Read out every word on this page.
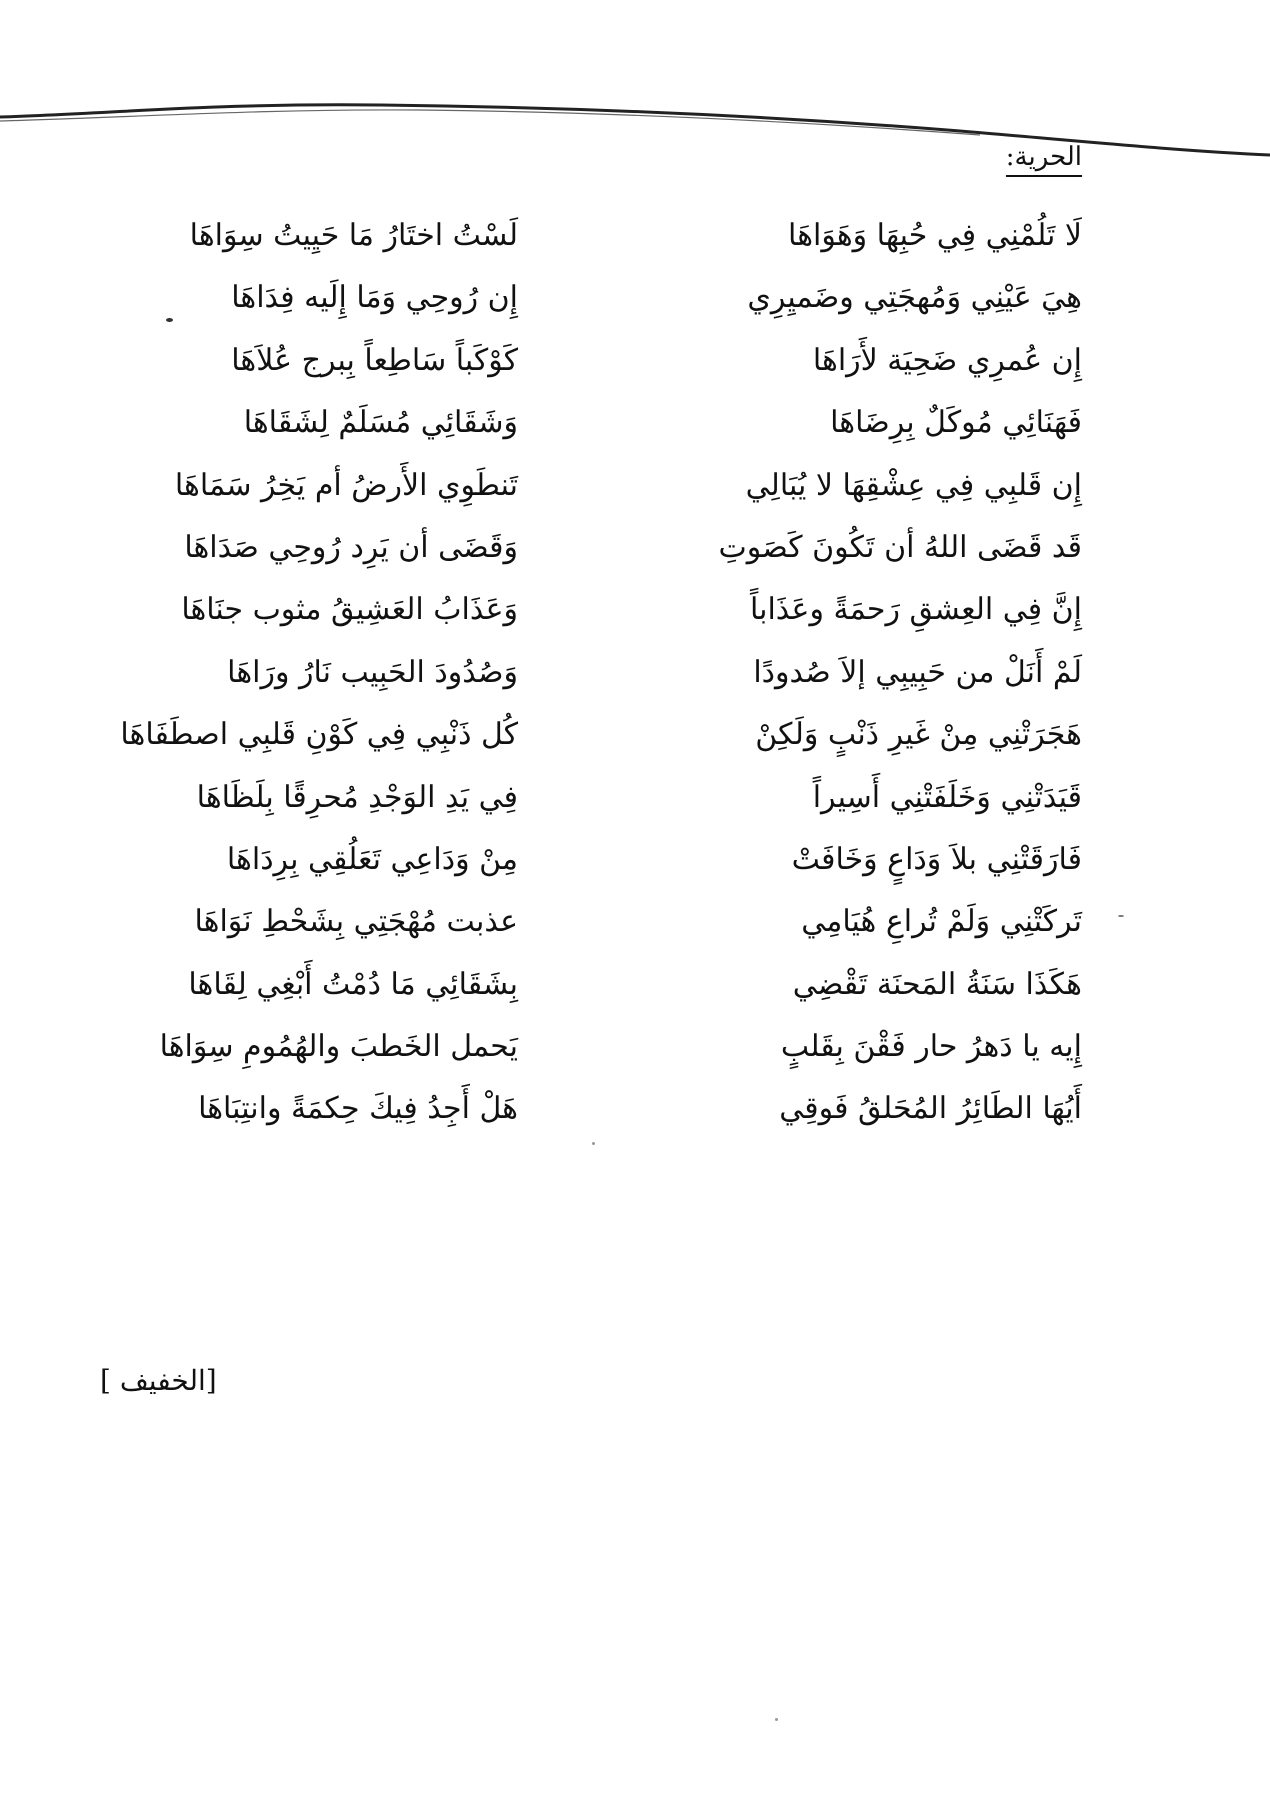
الحرية:
لَا تَلُمْنِي فِي حُبِهَا وَهَوَاهَا
لَسْتُ اختَارُ مَا حَيِيتُ سِوَاهَا
هِيَ عَيْنِي وَمُهجَتِي وضَميِرِي
إِن رُوحِي وَمَا إِلَيه فِدَاهَا
إِن عُمرِي ضَحِيَة لأَرَاهَا
كَوْكَباً سَاطِعاً بِبرج عُلاَهَا
فَهَنَائِي مُوكَلٌ بِرِضَاهَا
وَشَقَائِي مُسَلَمٌ لِشَقَاهَا
إِن قَلبِي فِي عِشْقِهَا لا يُبَالِي
تَنطَوِي الأَرضُ أم يَخِرُ سَمَاهَا
قَد قَضَى اللهُ أن تَكُونَ كَصَوتِ
وَقَضَى أن يَرِد رُوحِي صَدَاهَا
إِنَّ فِي العِشقِ رَحمَةً وعَذَاباً
وَعَذَابُ العَشِيقُ مثوب جنَاهَا
لَمْ أَنَلْ من حَبِيبِي إلاَ صُدودًا
وَصُدُودَ الحَبِيب نَارُ ورَاهَا
هَجَرَتْنِي مِنْ غَيرِ ذَنْبٍ وَلَكِنْ
كُل ذَنْبِي فِي كَوْنِ قَلبِي اصطَفَاهَا
قَيَدَتْنِي وَخَلَفَتْنِي أَسِيراً
فِي يَدِ الوَجْدِ مُحرِقًا بِلَظَاهَا
فَارَقَتْنِي بلاَ وَدَاعٍ وَخَافَتْ
مِنْ وَدَاعِي تَعَلُقِي بِرِدَاهَا
تَركَتْنِي وَلَمْ تُراعِ هُيَامِي
عذبت مُهْجَتِي بِشَحْطِ نَوَاهَا
هَكَذَا سَنَةُ المَحنَة تَقْضِي
بِشَقَائِي مَا دُمْتُ أَبْغِي لِقَاهَا
إِيه يا دَهرُ حار فَقْنَ بِقَلبٍ
يَحمل الخَطبَ والهُمُومِ سِوَاهَا
أَيُهَا الطَائِرُ المُحَلقُ فَوقِي
هَلْ أَجِدُ فِيكَ حِكمَةً وانتِبَاهَا
[الخفيف ]
